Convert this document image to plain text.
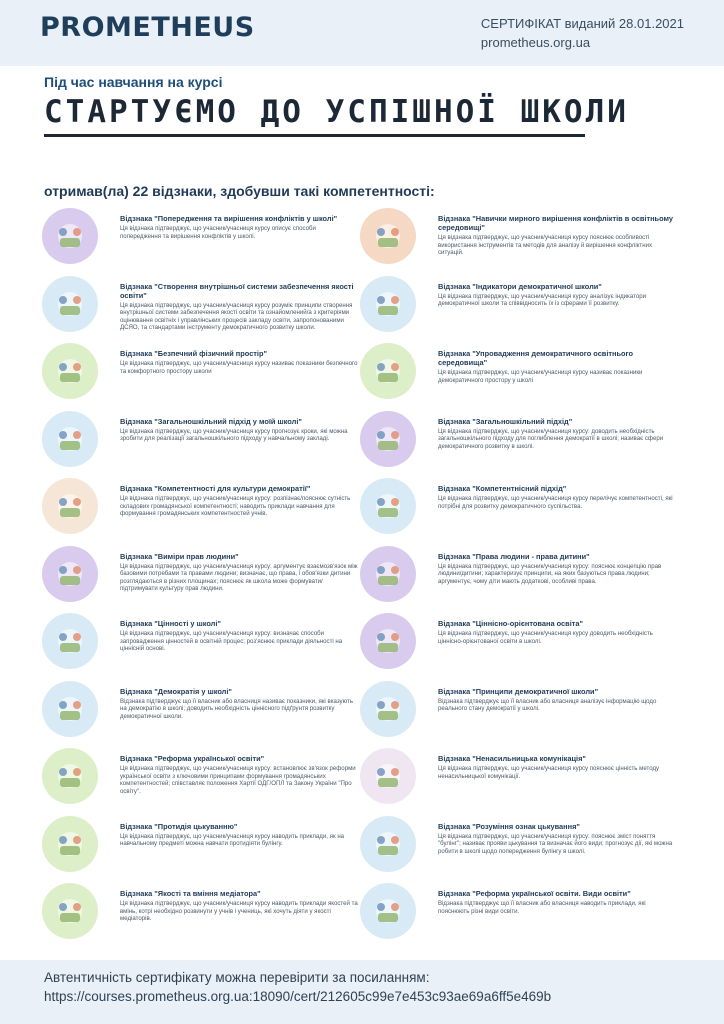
PROMETHEUS	СЕРТИФІКАТ виданий 28.01.2021
prometheus.org.ua
Під час навчання на курсі
СТАРТУЄМО ДО УСПІШНОЇ ШКОЛИ
отримав(ла) 22 відзнаки, здобувши такі компетентності:
Відзнака "Попередження та вирішення конфліктів у школі"
Ця відзнака підтверджує, що учасник/учасниця курсу описує способи попередження та вирішення конфліктів у школі.
Відзнака "Навички мирного вирішення конфліктів в освітньому середовищі"
Ця відзнака підтверджує, що учасник/учасниця курсу пояснює особливості використання інструментів та методів для аналізу й вирішення конфліктних ситуацій.
Відзнака "Створення внутрішньої системи забезпечення якості освіти"
Ця відзнака підтверджує, що учасник/учасниця курсу розуміє принципи створення внутрішньої системи забезпечення якості освіти та ознайомлений/а з критеріями оцінювання освітніх і управлінських процесів закладу освіти, запропонованими ДСЯО, та стандартами інструменту демократичного розвитку школи.
Відзнака "Індикатори демократичної школи"
Ця відзнака підтверджує, що учасник/учасниця курсу аналізує індикатори демократичної школи та співвідносить їх із сферами її розвитку.
Відзнака "Безпечний фізичний простір"
Ця відзнака підтверджує, що учасник/учасниця курсу називає показники безпечного та комфортного простору школи
Відзнака "Упровадження демократичного освітнього середовища"
Ця відзнака підтверджує, що учасник/учасниця курсу називає показники демократичного простору у школі
Відзнака "Загальношкільний підхід у моїй школі"
Ця відзнака підтверджує, що учасник/учасниця курсу прогнозує кроки, які можна зробити для реалізації загальношкільного підходу у навчальному закладі.
Відзнака "Загальношкільний підхід"
Ця відзнака підтверджує, що учасник/учасниця курсу: доводить необхідність загальношкільного підходу для поглиблення демократії в школі; називає сфери демократичного розвитку в школі.
Відзнака "Компетентності для культури демократії"
Ця відзнака підтверджує, що учасник/учасниця курсу: розпізнає/пояснює сутність складових громадянської компетентності; наводить приклади навчання для формування громадянських компетентностей учнів.
Відзнака "Компетентнісний підхід"
Ця відзнака підтверджує, що учасник/учасниця курсу перелічує компетентності, які потрібні для розвитку демократичного суспільства.
Відзнака "Виміри прав людини"
Ця відзнака підтверджує, що учасник/учасниця курсу: аргументує взаємозв'язок між базовими потребами та правами людини; визначає, що права, і обов'язки дитини розглядаються в різних площинах; пояснює як школа може формувати/ підтримувати культуру прав людини.
Відзнака "Права людини - права дитини"
Ця відзнака підтверджує, що учасник/учасниця курсу: пояснює концепцію прав людини/дитини; характеризує принципи, на яких базуються права людини; аргументує, чому діти мають додаткові, особливі права.
Відзнака "Цінності у школі"
Ця відзнака підтверджує, що учасник/учасниця курсу: визначає способи запровадження цінностей в освітній процес; роз'яснює приклади діяльності на ціннісній основі.
Відзнака "Ціннісно-орієнтована освіта"
Ця відзнака підтверджує, що учасник/учасниця курсу доводить необхідність ціннісно-орієнтованої освіти в школі.
Відзнака "Демократія у школі"
Відзнака підтверджує що її власник або власниця називає показники, які вказують на демократію в школі; доводить необхідність ціннісного підґрунтя розвитку демократичної школи.
Відзнака "Принципи демократичної школи"
Відзнака підтверджує що її власник або власниця аналізує інформацію щодо реального стану демократії у школі.
Відзнака "Реформа української освіти"
Ця відзнака підтверджує, що учасник/учасниця курсу: встановлює зв'язок реформи української освіти з ключовими принципами формування громадянських компетентностей; співставляє положення Хартії ОДГ/ОПЛ та Закону України "Про освіту".
Відзнака "Ненасильницька комунікація"
Ця відзнака підтверджує, що учасник/учасниця курсу пояснює цінність методу ненасильницької комунікації.
Відзнака "Протидія цькуванню"
Ця відзнака підтверджує, що учасник/учасниця курсу наводить приклади, як на навчальному предметі можна навчати протидіяти булінгу.
Відзнака "Розуміння ознак цькування"
Ця відзнака підтверджує, що учасник/учасниця курсу: пояснює зміст поняття "булінг"; називає прояви цькування та визначає його види; прогнозує дії, які можна робити в школі щодо попередження булінгу в школі.
Відзнака "Якості та вміння медіатора"
Ця відзнака підтверджує, що учасник/учасниця курсу наводить приклади якостей та вмінь, котрі необхідно розвинути у учнів і учениць, які хочуть діяти у якості медіаторів.
Відзнака "Реформа української освіти. Види освіти"
Відзнака підтверджує що її власник або власниця наводить приклади, які пояснюють різні види освіти.
Автентичність сертифікату можна перевірити за посиланням:
https://courses.prometheus.org.ua:18090/cert/212605c99e7e453c93ae69a6ff5e469b
